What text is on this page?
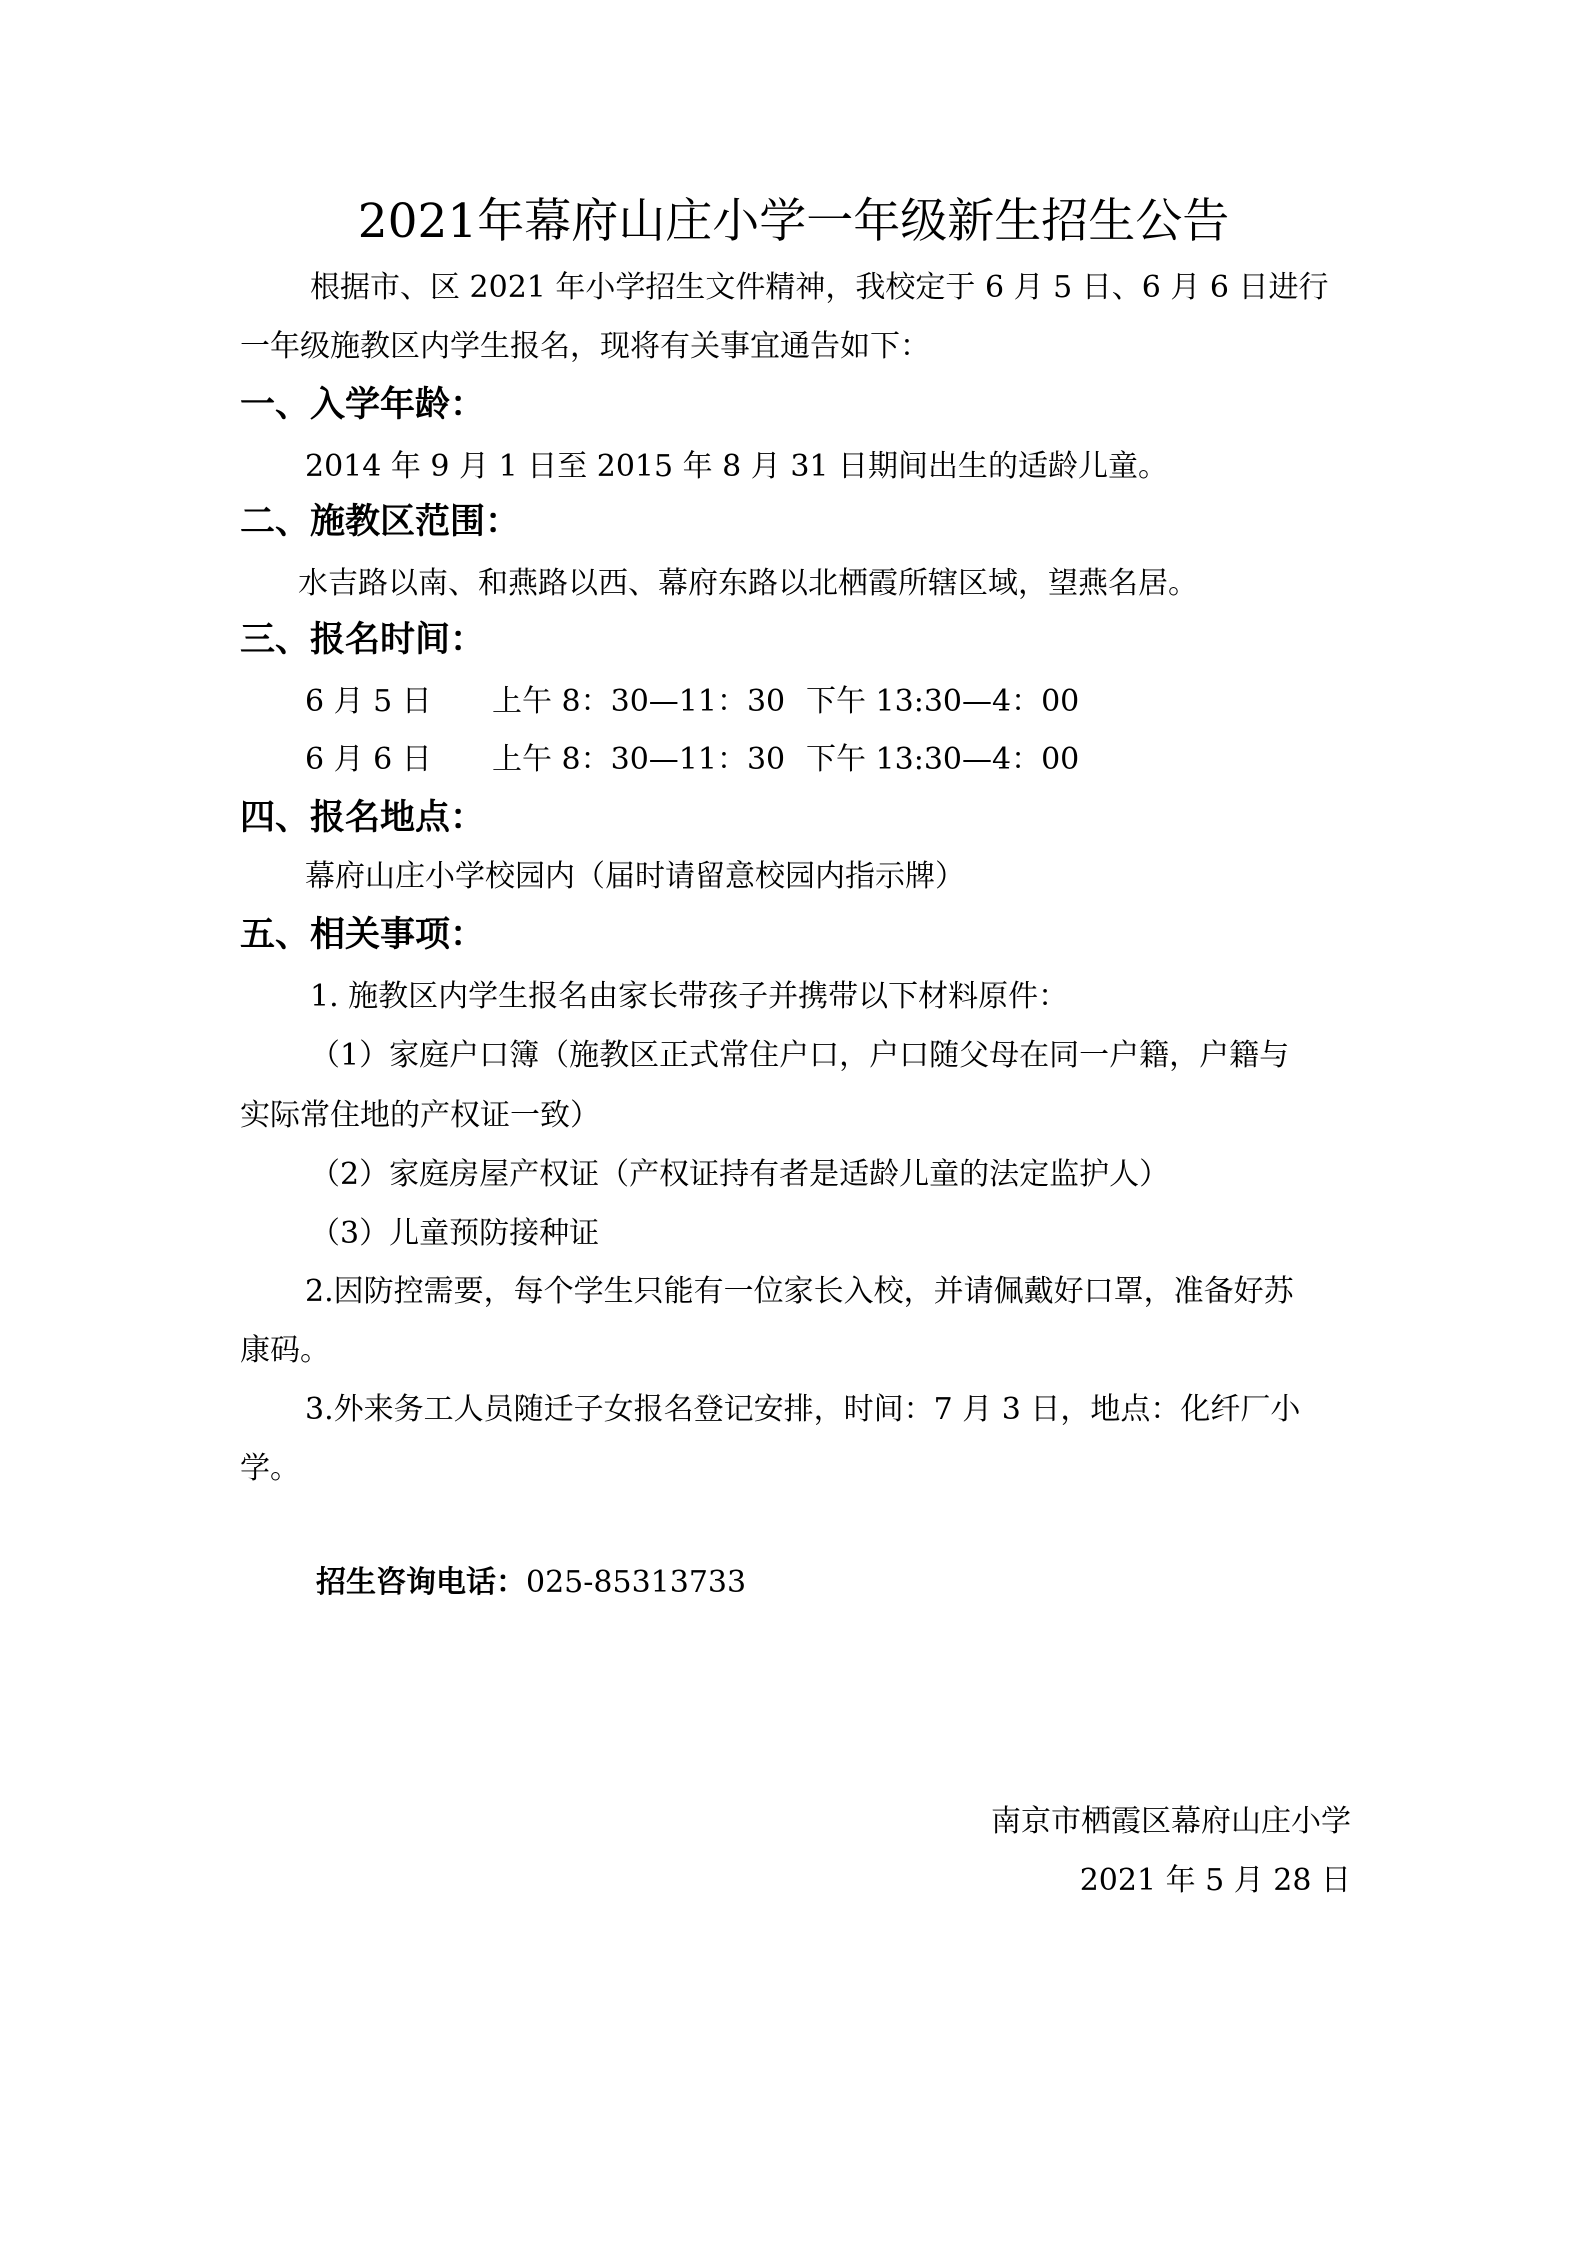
2021年幕府山庄小学一年级新生招生公告
根据市、区 2021 年小学招生文件精神，我校定于 6 月 5 日、6 月 6 日进行
一年级施教区内学生报名，现将有关事宜通告如下：
一、入学年龄：
2014 年 9 月 1 日至 2015 年 8 月 31 日期间出生的适龄儿童。
二、施教区范围：
水吉路以南、和燕路以西、幕府东路以北栖霞所辖区域，望燕名居。
三、报名时间：
6 月 5 日 上午 8：30—11：30 下午 13:30—4：00
6 月 6 日 上午 8：30—11：30 下午 13:30—4：00
四、报名地点：
幕府山庄小学校园内（届时请留意校园内指示牌）
五、相关事项：
1. 施教区内学生报名由家长带孩子并携带以下材料原件：
（1）家庭户口簿（施教区正式常住户口，户口随父母在同一户籍，户籍与
实际常住地的产权证一致）
（2）家庭房屋产权证（产权证持有者是适龄儿童的法定监护人）
（3）儿童预防接种证
2.因防控需要，每个学生只能有一位家长入校，并请佩戴好口罩，准备好苏
康码。
3.外来务工人员随迁子女报名登记安排，时间：7 月 3 日，地点：化纤厂小
学。
招生咨询电话：025-85313733
南京市栖霞区幕府山庄小学
2021 年 5 月 28 日
